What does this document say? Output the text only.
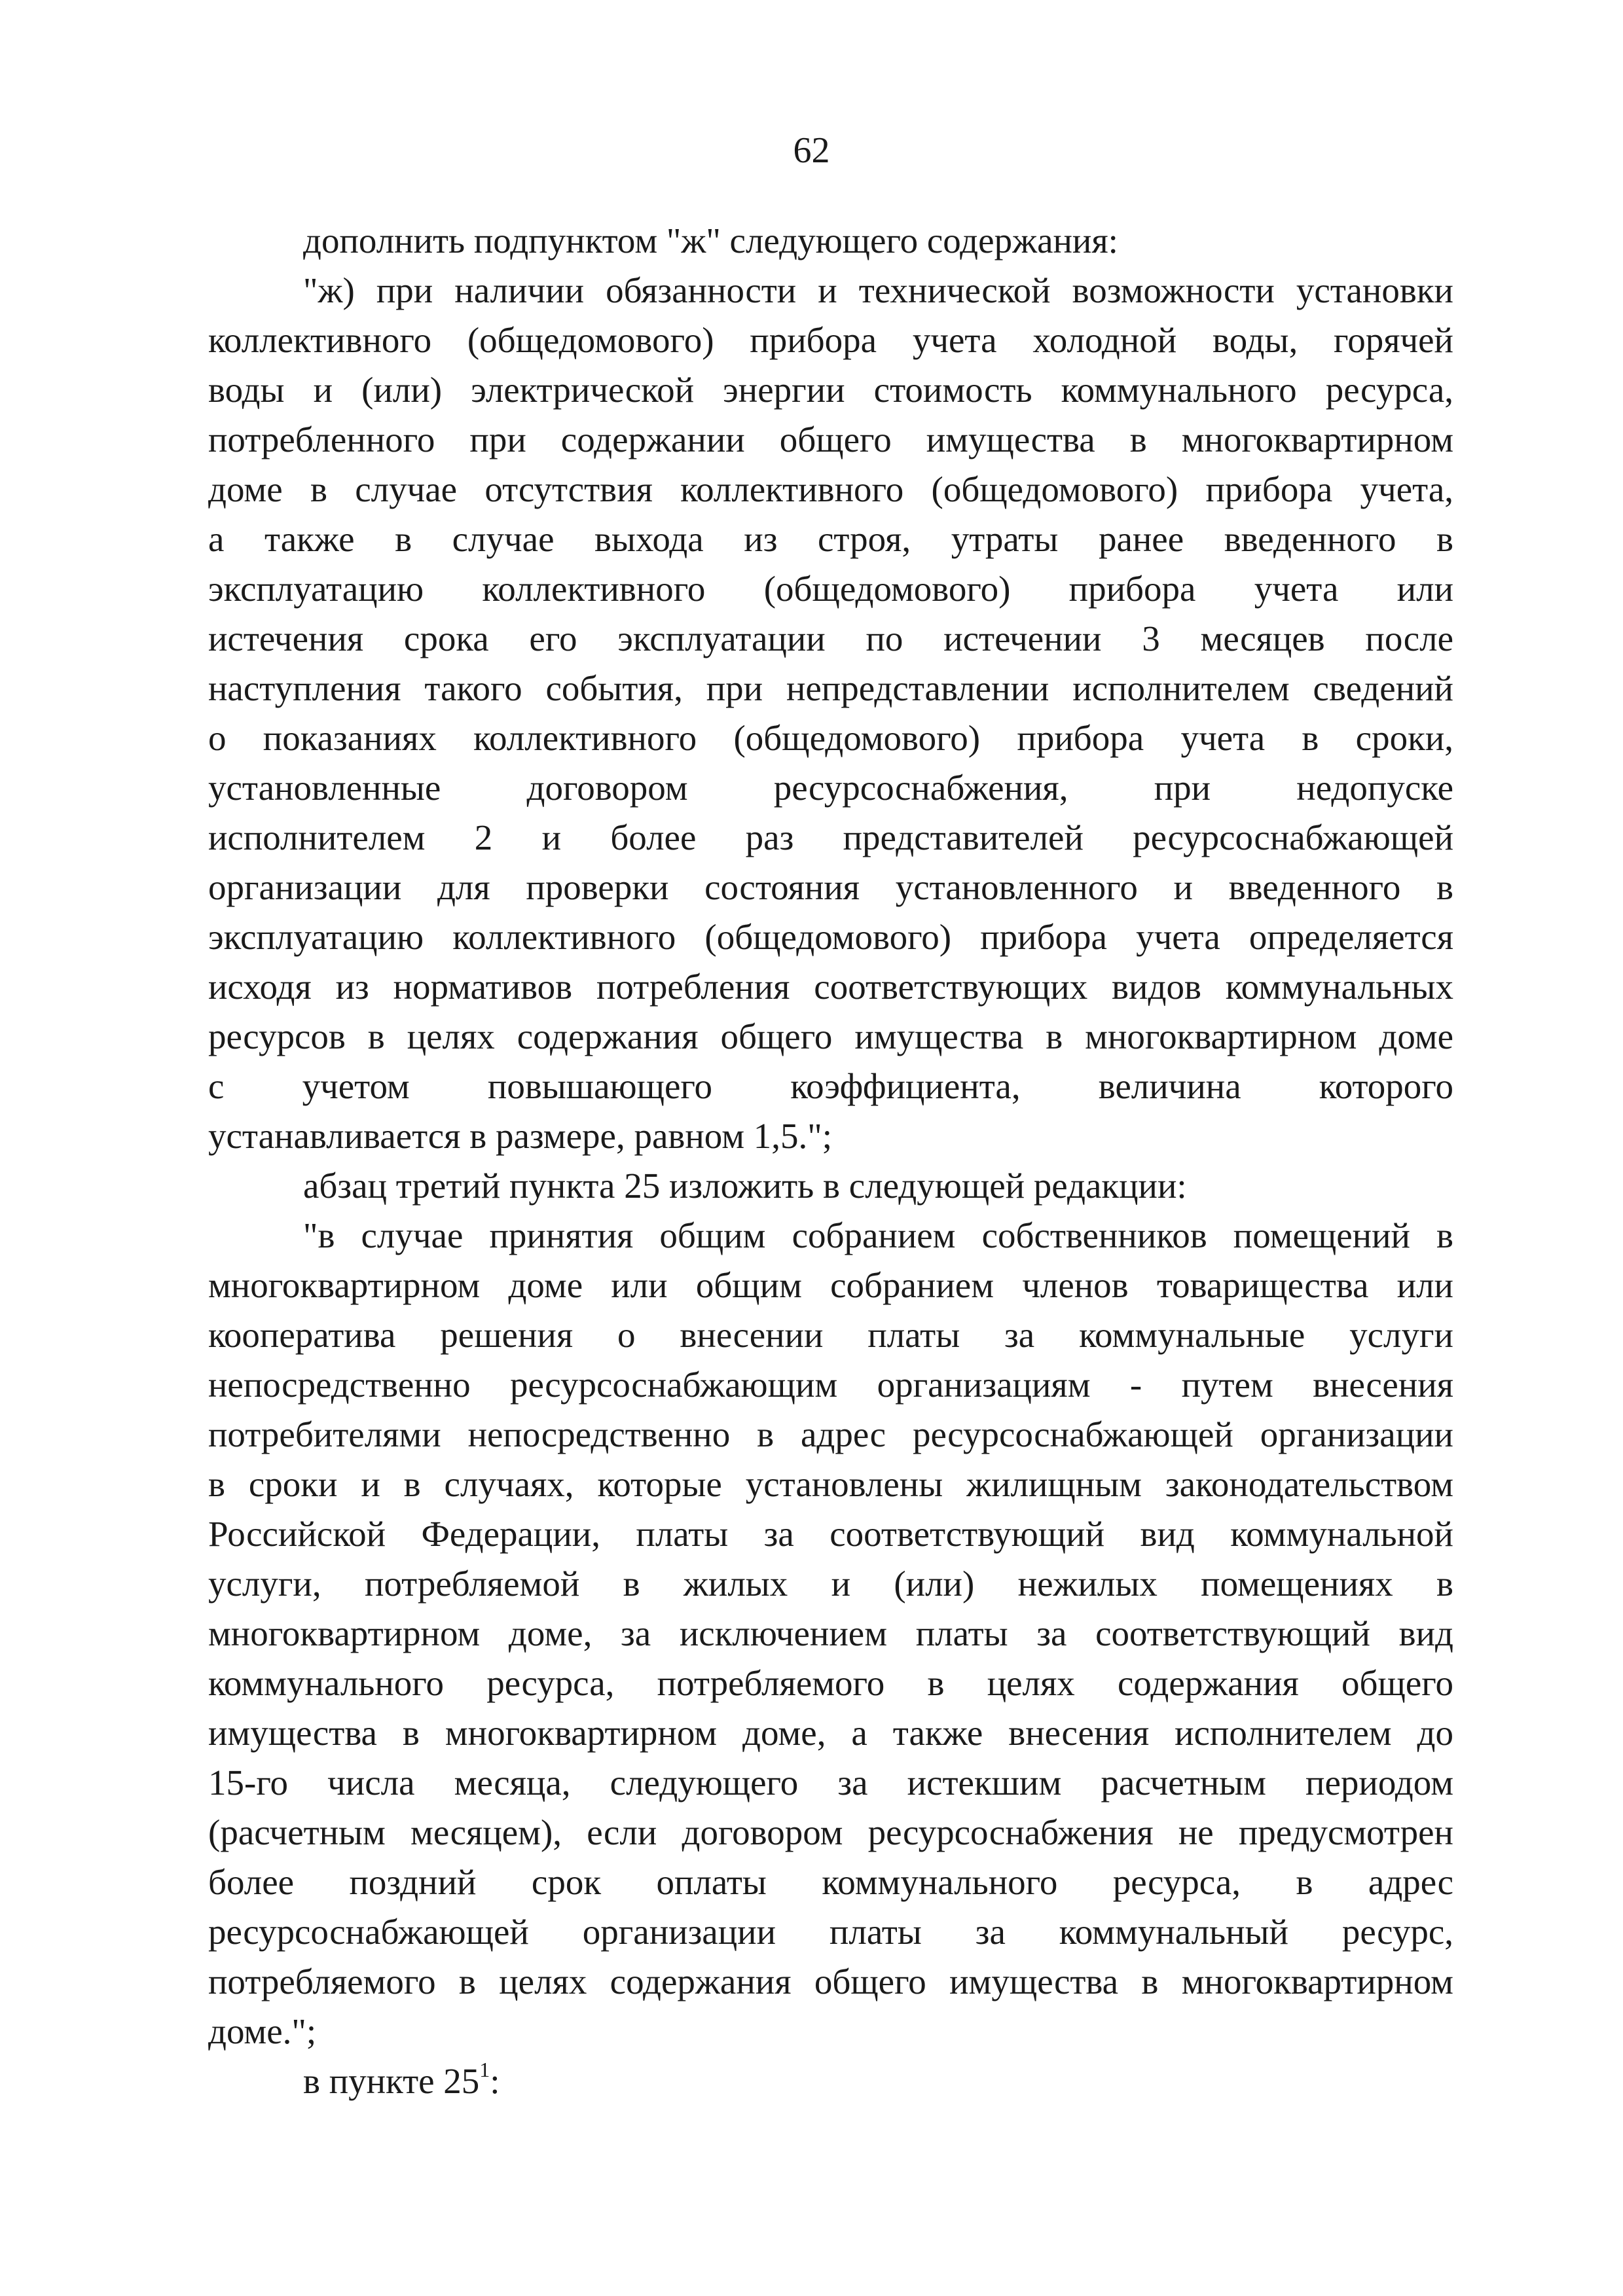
62
дополнить подпунктом "ж" следующего содержания:
"ж) при наличии обязанности и технической возможности установки
коллективного (общедомового) прибора учета холодной воды, горячей
воды и (или) электрической энергии стоимость коммунального ресурса,
потребленного при содержании общего имущества в многоквартирном
доме в случае отсутствия коллективного (общедомового) прибора учета,
а также в случае выхода из строя, утраты ранее введенного в
эксплуатацию коллективного (общедомового) прибора учета или
истечения срока его эксплуатации по истечении 3 месяцев после
наступления такого события, при непредставлении исполнителем сведений
о показаниях коллективного (общедомового) прибора учета в сроки,
установленные договором ресурсоснабжения, при недопуске
исполнителем 2 и более раз представителей ресурсоснабжающей
организации для проверки состояния установленного и введенного в
эксплуатацию коллективного (общедомового) прибора учета определяется
исходя из нормативов потребления соответствующих видов коммунальных
ресурсов в целях содержания общего имущества в многоквартирном доме
с учетом повышающего коэффициента, величина которого
устанавливается в размере, равном 1,5.";
абзац третий пункта 25 изложить в следующей редакции:
"в случае принятия общим собранием собственников помещений в
многоквартирном доме или общим собранием членов товарищества или
кооператива решения о внесении платы за коммунальные услуги
непосредственно ресурсоснабжающим организациям - путем внесения
потребителями непосредственно в адрес ресурсоснабжающей организации
в сроки и в случаях, которые установлены жилищным законодательством
Российской Федерации, платы за соответствующий вид коммунальной
услуги, потребляемой в жилых и (или) нежилых помещениях в
многоквартирном доме, за исключением платы за соответствующий вид
коммунального ресурса, потребляемого в целях содержания общего
имущества в многоквартирном доме, а также внесения исполнителем до
15-го числа месяца, следующего за истекшим расчетным периодом
(расчетным месяцем), если договором ресурсоснабжения не предусмотрен
более поздний срок оплаты коммунального ресурса, в адрес
ресурсоснабжающей организации платы за коммунальный ресурс,
потребляемого в целях содержания общего имущества в многоквартирном
доме.";
в пункте $25^1$:
